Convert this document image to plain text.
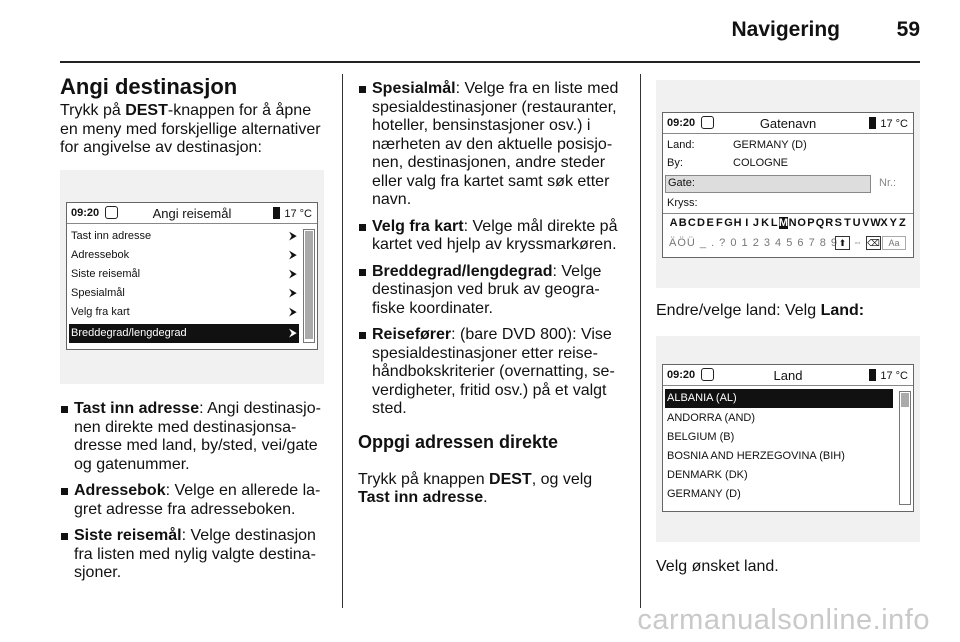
Navigering	59
Angi destinasjon

Trykk på DEST-knappen for å åpne en meny med forskjellige alternativer for angivelse av destinasjon:

09:20	Angi reisemål	17 °C
Tast inn adresse	⮞
Adressebok	⮞
Siste reisemål	⮞
Spesialmål	⮞
Velg fra kart	⮞
Breddegrad/lengdegrad	⮞
Tast inn adresse: Angi destinasjo-nen direkte med destinasjonsa-dresse med land, by/sted, vei/gate og gatenummer.
Adressebok: Velge en allerede la-gret adresse fra adresseboken.
Siste reisemål: Velge destinasjon fra listen med nylig valgte destina-sjoner.
Spesialmål: Velge fra en liste med spesialdestinasjoner (restauranter, hoteller, bensinstasjoner osv.) i nærheten av den aktuelle posisjo-nen, destinasjonen, andre steder eller valg fra kartet samt søk etter navn.
Velg fra kart: Velge mål direkte på kartet ved hjelp av kryssmarkøren.
Breddegrad/lengdegrad: Velge destinasjon ved bruk av geogra-fiske koordinater.
Reisefører: (bare DVD 800): Vise spesialdestinasjoner etter reise-håndbokskriterier (overnatting, se-verdigheter, fritid osv.) på et valgt sted.
Oppgi adressen direkte

Trykk på knappen DEST, og velg Tast inn adresse.

09:20	Gatenavn	17 °C
Land:	GERMANY (D)
By:	COLOGNE
Gate:	Nr.:
Kryss:
A B C D E F G H I J K L M N O P Q R S T U V W X Y Z
ÄÖÜ _ . ? 0 1 2 3 4 5 6 7 8 9 ⬆ ⇔ ⌫ Aa

Endre/velge land: Velg Land:

09:20	Land	17 °C
ALBANIA (AL)
ANDORRA (AND)
BELGIUM (B)
BOSNIA AND HERZEGOVINA (BIH)
DENMARK (DK)
GERMANY (D)

Velg ønsket land.

carmanualsonline.info
